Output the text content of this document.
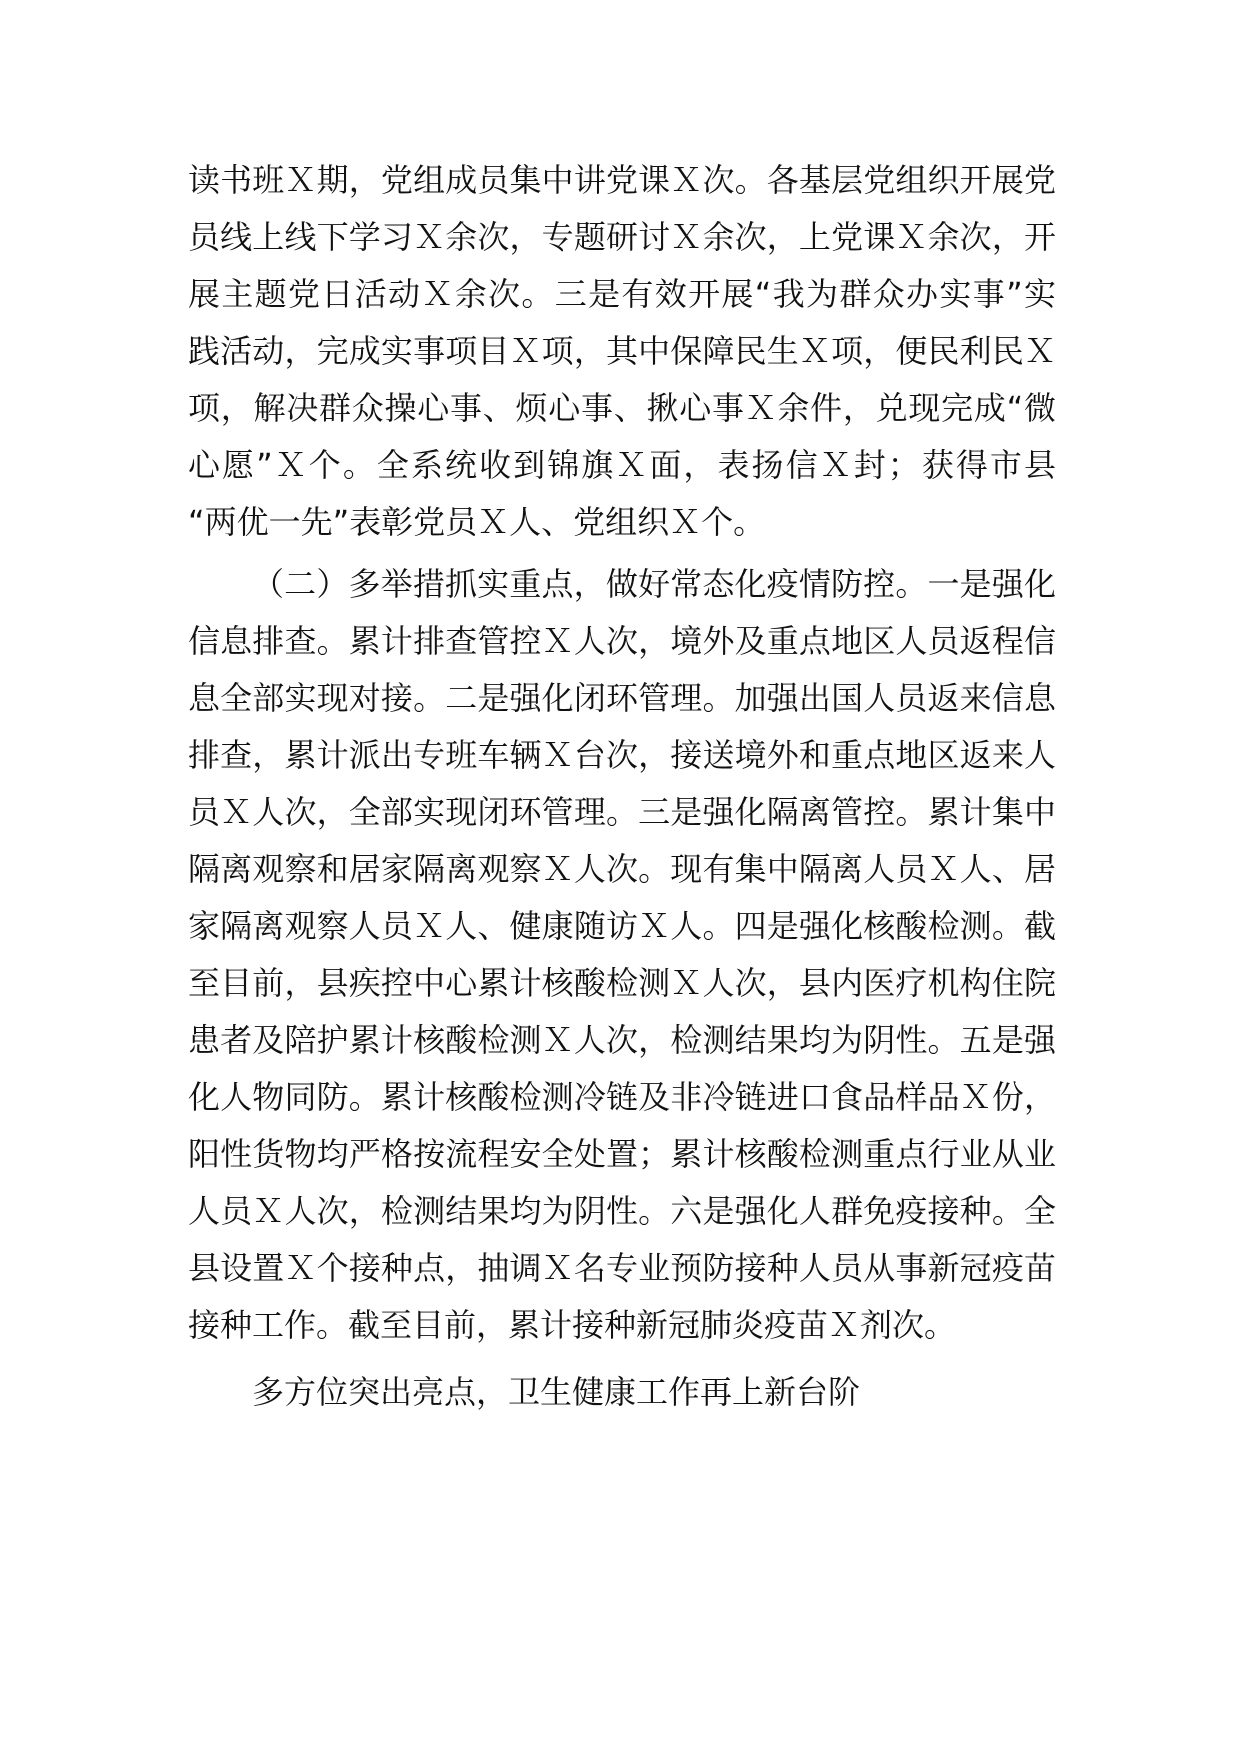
读书班Ｘ期，党组成员集中讲党课Ｘ次。各基层党组织开展党
员线上线下学习Ｘ余次，专题研讨Ｘ余次，上党课Ｘ余次，开
展主题党日活动Ｘ余次。三是有效开展“我为群众办实事”实
践活动，完成实事项目Ｘ项，其中保障民生Ｘ项，便民利民Ｘ
项，解决群众操心事、烦心事、揪心事Ｘ余件，兑现完成“微
心愿”Ｘ个。全系统收到锦旗Ｘ面，表扬信Ｘ封；获得市县
“两优一先”表彰党员Ｘ人、党组织Ｘ个。
（二）多举措抓实重点，做好常态化疫情防控。一是强化
信息排查。累计排查管控Ｘ人次，境外及重点地区人员返程信
息全部实现对接。二是强化闭环管理。加强出国人员返来信息
排查，累计派出专班车辆Ｘ台次，接送境外和重点地区返来人
员Ｘ人次，全部实现闭环管理。三是强化隔离管控。累计集中
隔离观察和居家隔离观察Ｘ人次。现有集中隔离人员Ｘ人、居
家隔离观察人员Ｘ人、健康随访Ｘ人。四是强化核酸检测。截
至目前，县疾控中心累计核酸检测Ｘ人次，县内医疗机构住院
患者及陪护累计核酸检测Ｘ人次，检测结果均为阴性。五是强
化人物同防。累计核酸检测冷链及非冷链进口食品样品Ｘ份，
阳性货物均严格按流程安全处置；累计核酸检测重点行业从业
人员Ｘ人次，检测结果均为阴性。六是强化人群免疫接种。全
县设置Ｘ个接种点，抽调Ｘ名专业预防接种人员从事新冠疫苗
接种工作。截至目前，累计接种新冠肺炎疫苗Ｘ剂次。
多方位突出亮点，卫生健康工作再上新台阶
